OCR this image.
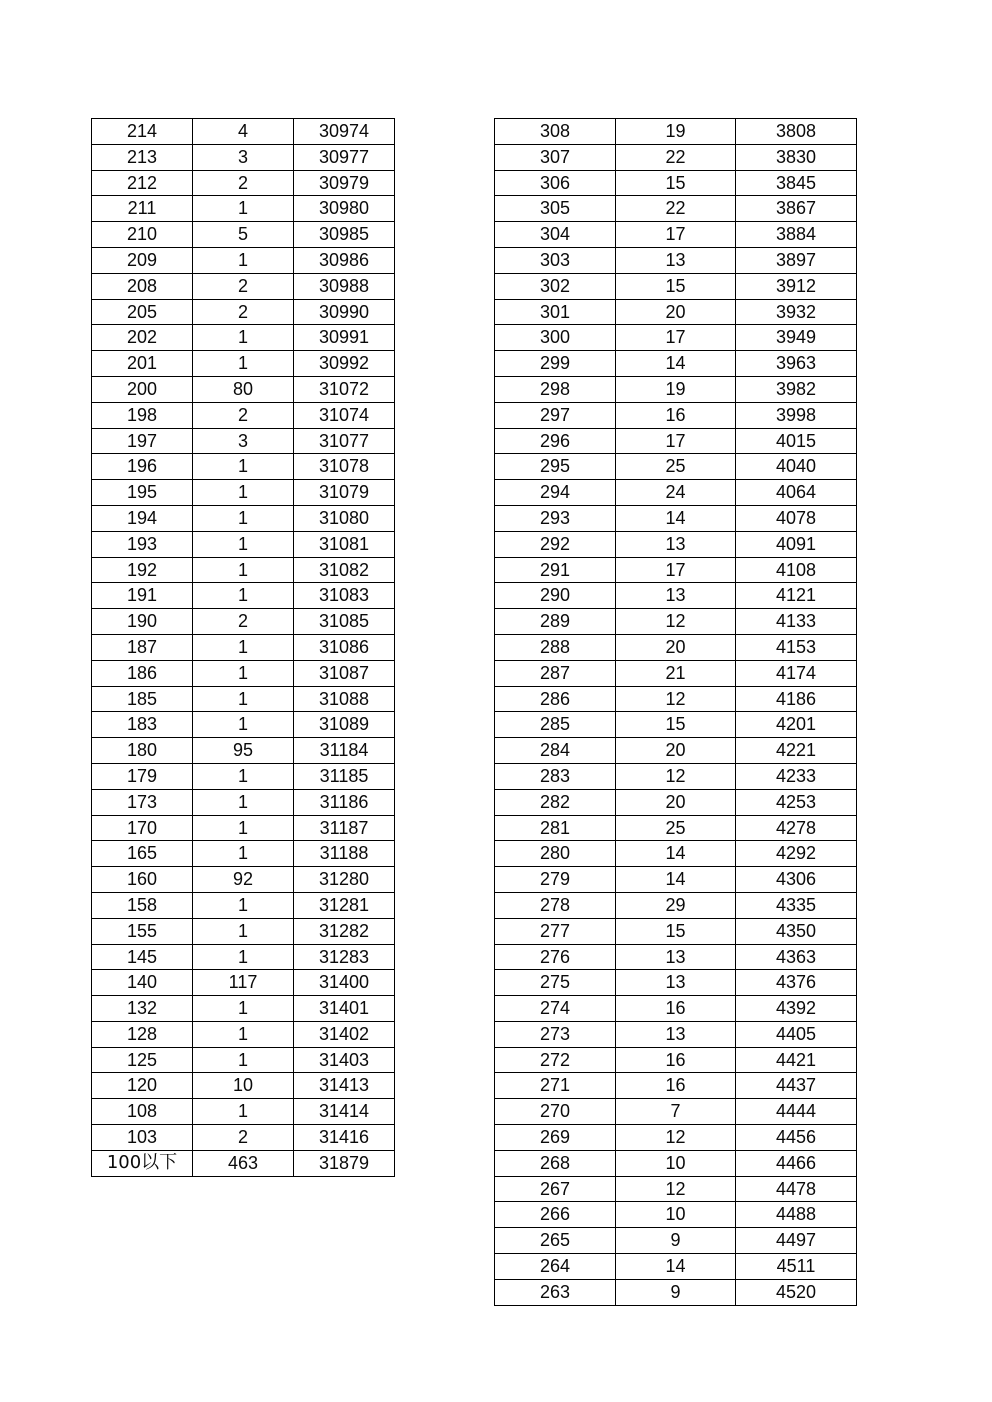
214	4	30974
213	3	30977
212	2	30979
211	1	30980
210	5	30985
209	1	30986
208	2	30988
205	2	30990
202	1	30991
201	1	30992
200	80	31072
198	2	31074
197	3	31077
196	1	31078
195	1	31079
194	1	31080
193	1	31081
192	1	31082
191	1	31083
190	2	31085
187	1	31086
186	1	31087
185	1	31088
183	1	31089
180	95	31184
179	1	31185
173	1	31186
170	1	31187
165	1	31188
160	92	31280
158	1	31281
155	1	31282
145	1	31283
140	117	31400
132	1	31401
128	1	31402
125	1	31403
120	10	31413
108	1	31414
103	2	31416
100以下	463	31879
308	19	3808
307	22	3830
306	15	3845
305	22	3867
304	17	3884
303	13	3897
302	15	3912
301	20	3932
300	17	3949
299	14	3963
298	19	3982
297	16	3998
296	17	4015
295	25	4040
294	24	4064
293	14	4078
292	13	4091
291	17	4108
290	13	4121
289	12	4133
288	20	4153
287	21	4174
286	12	4186
285	15	4201
284	20	4221
283	12	4233
282	20	4253
281	25	4278
280	14	4292
279	14	4306
278	29	4335
277	15	4350
276	13	4363
275	13	4376
274	16	4392
273	13	4405
272	16	4421
271	16	4437
270	7	4444
269	12	4456
268	10	4466
267	12	4478
266	10	4488
265	9	4497
264	14	4511
263	9	4520
